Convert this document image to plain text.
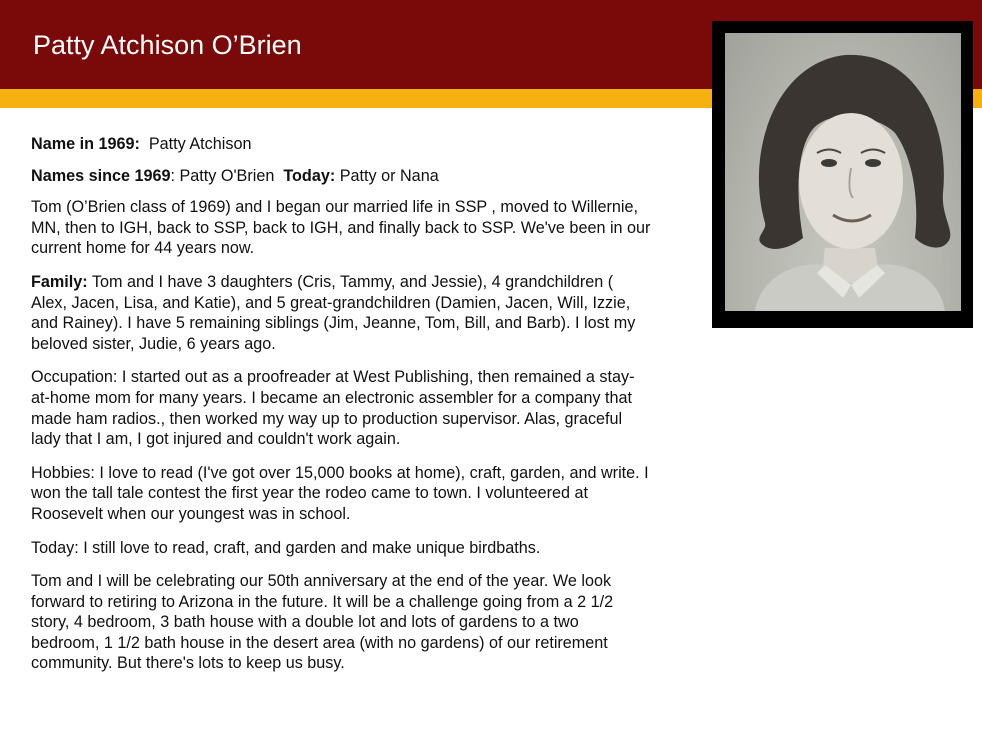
Patty Atchison O’Brien

Name in 1969: Patty Atchison

Names since 1969: Patty O'Brien Today: Patty or Nana

Tom (O’Brien class of 1969) and I began our married life in SSP , moved to Willernie, MN, then to IGH, back to SSP, back to IGH, and finally back to SSP. We've been in our current home for 44 years now.

Family: Tom and I have 3 daughters (Cris, Tammy, and Jessie), 4 grandchildren ( Alex, Jacen, Lisa, and Katie), and 5 great-grandchildren (Damien, Jacen, Will, Izzie, and Rainey). I have 5 remaining siblings (Jim, Jeanne, Tom, Bill, and Barb). I lost my beloved sister, Judie, 6 years ago.

Occupation: I started out as a proofreader at West Publishing, then remained a stay-at-home mom for many years. I became an electronic assembler for a company that made ham radios., then worked my way up to production supervisor. Alas, graceful lady that I am, I got injured and couldn't work again.

Hobbies: I love to read (I've got over 15,000 books at home), craft, garden, and write. I won the tall tale contest the first year the rodeo came to town. I volunteered at Roosevelt when our youngest was in school.

Today: I still love to read, craft, and garden and make unique birdbaths.

Tom and I will be celebrating our 50th anniversary at the end of the year. We look forward to retiring to Arizona in the future. It will be a challenge going from a 2 1/2 story, 4 bedroom, 3 bath house with a double lot and lots of gardens to a two bedroom, 1 1/2 bath house in the desert area (with no gardens) of our retirement community. But there's lots to keep us busy.
